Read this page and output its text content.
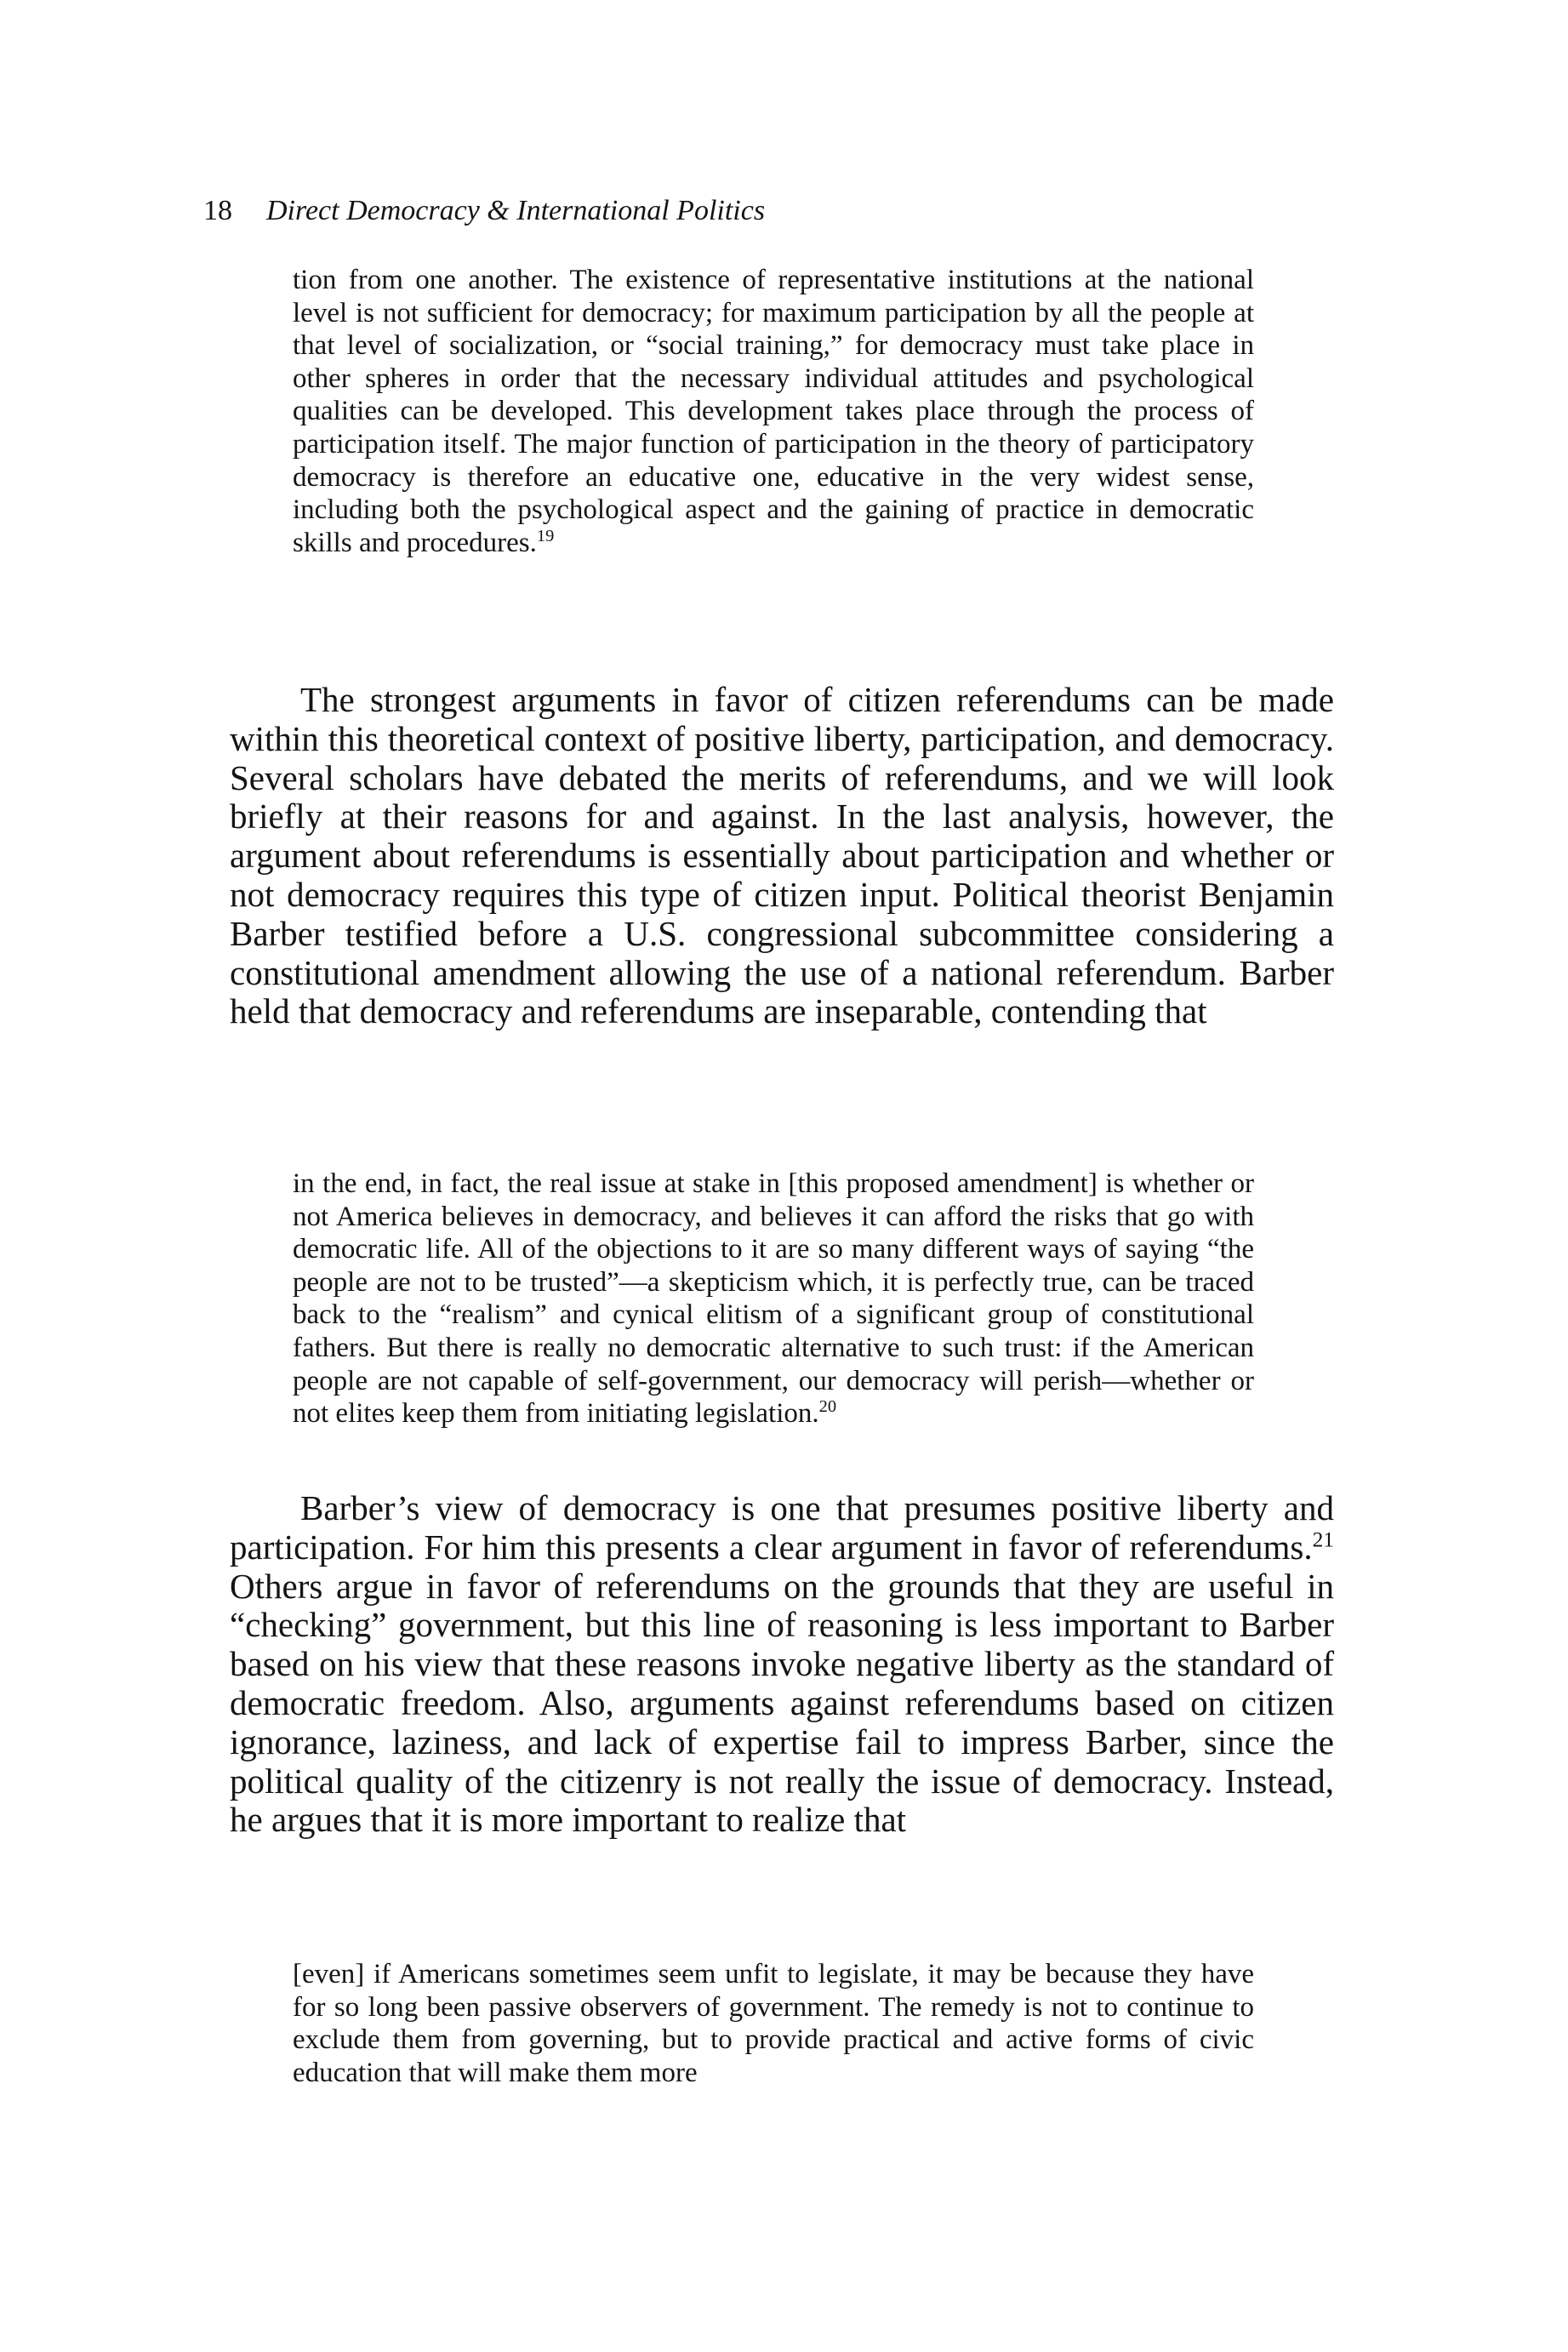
18 Direct Democracy & International Politics

tion from one another. The existence of representative institutions at the national level is not sufficient for democracy; for maximum participation by all the people at that level of socialization, or “social training,” for democracy must take place in other spheres in order that the necessary individual attitudes and psychological qualities can be developed. This development takes place through the process of participation itself. The major function of participation in the theory of participatory democracy is therefore an educative one, educative in the very widest sense, including both the psychological aspect and the gaining of practice in democratic skills and procedures.$^{19}$

The strongest arguments in favor of citizen referendums can be made within this theoretical context of positive liberty, participation, and democracy. Several scholars have debated the merits of referendums, and we will look briefly at their reasons for and against. In the last analysis, however, the argument about referendums is essentially about participation and whether or not democracy requires this type of citizen input. Political theorist Benjamin Barber testified before a U.S. congressional subcommittee considering a constitutional amendment allowing the use of a national referendum. Barber held that democracy and referendums are inseparable, contending that

in the end, in fact, the real issue at stake in [this proposed amendment] is whether or not America believes in democracy, and believes it can afford the risks that go with democratic life. All of the objections to it are so many different ways of saying “the people are not to be trusted”—a skepticism which, it is perfectly true, can be traced back to the “realism” and cynical elitism of a significant group of constitutional fathers. But there is really no democratic alternative to such trust: if the American people are not capable of self-government, our democracy will perish—whether or not elites keep them from initiating legislation.$^{20}$

Barber’s view of democracy is one that presumes positive liberty and participation. For him this presents a clear argument in favor of referendums.$^{21}$ Others argue in favor of referendums on the grounds that they are useful in “checking” government, but this line of reasoning is less important to Barber based on his view that these reasons invoke negative liberty as the standard of democratic freedom. Also, arguments against referendums based on citizen ignorance, laziness, and lack of expertise fail to impress Barber, since the political quality of the citizenry is not really the issue of democracy. Instead, he argues that it is more important to realize that

[even] if Americans sometimes seem unfit to legislate, it may be because they have for so long been passive observers of government. The remedy is not to continue to exclude them from governing, but to provide practical and active forms of civic education that will make them more
